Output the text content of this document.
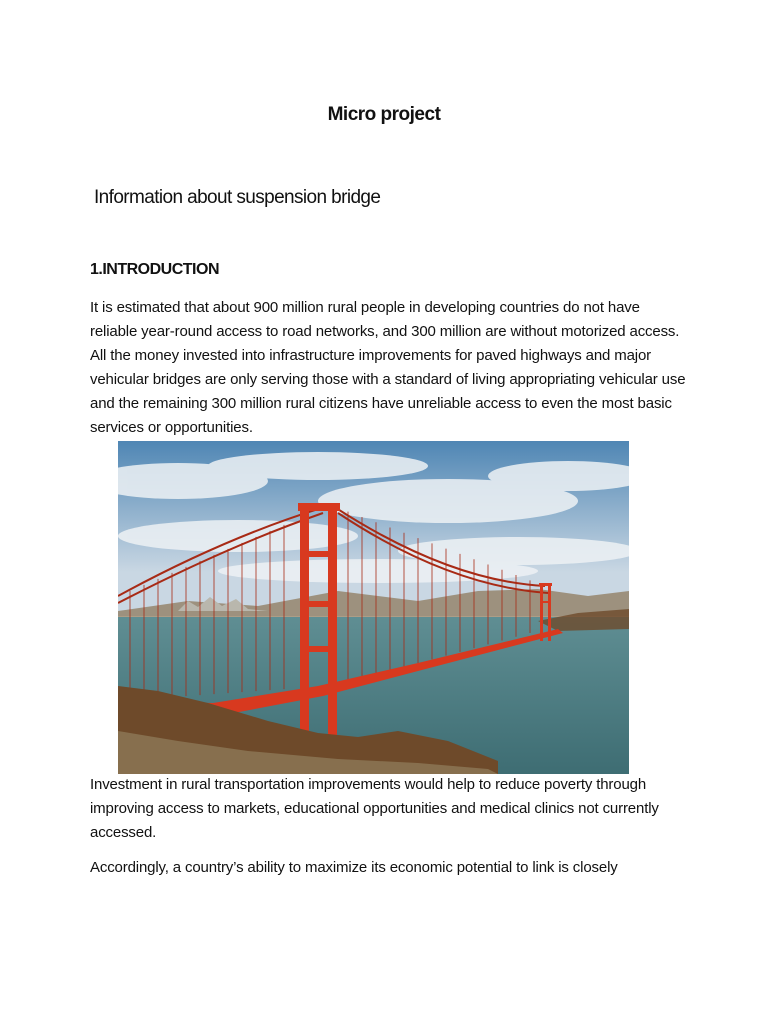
Micro project
Information about suspension bridge
1.INTRODUCTION
It is estimated that about 900 million rural people in developing countries do not have reliable year-round access to road networks, and 300 million are without motorized access. All the money invested into infrastructure improvements for paved highways and major vehicular bridges are only serving those with a standard of living appropriating vehicular use and the remaining 300 million rural citizens have unreliable access to even the most basic services or opportunities.
Investment in rural transportation improvements would help to reduce poverty through improving access to markets, educational opportunities and medical clinics not currently accessed.
Accordingly, a country’s ability to maximize its economic potential to link is closely
